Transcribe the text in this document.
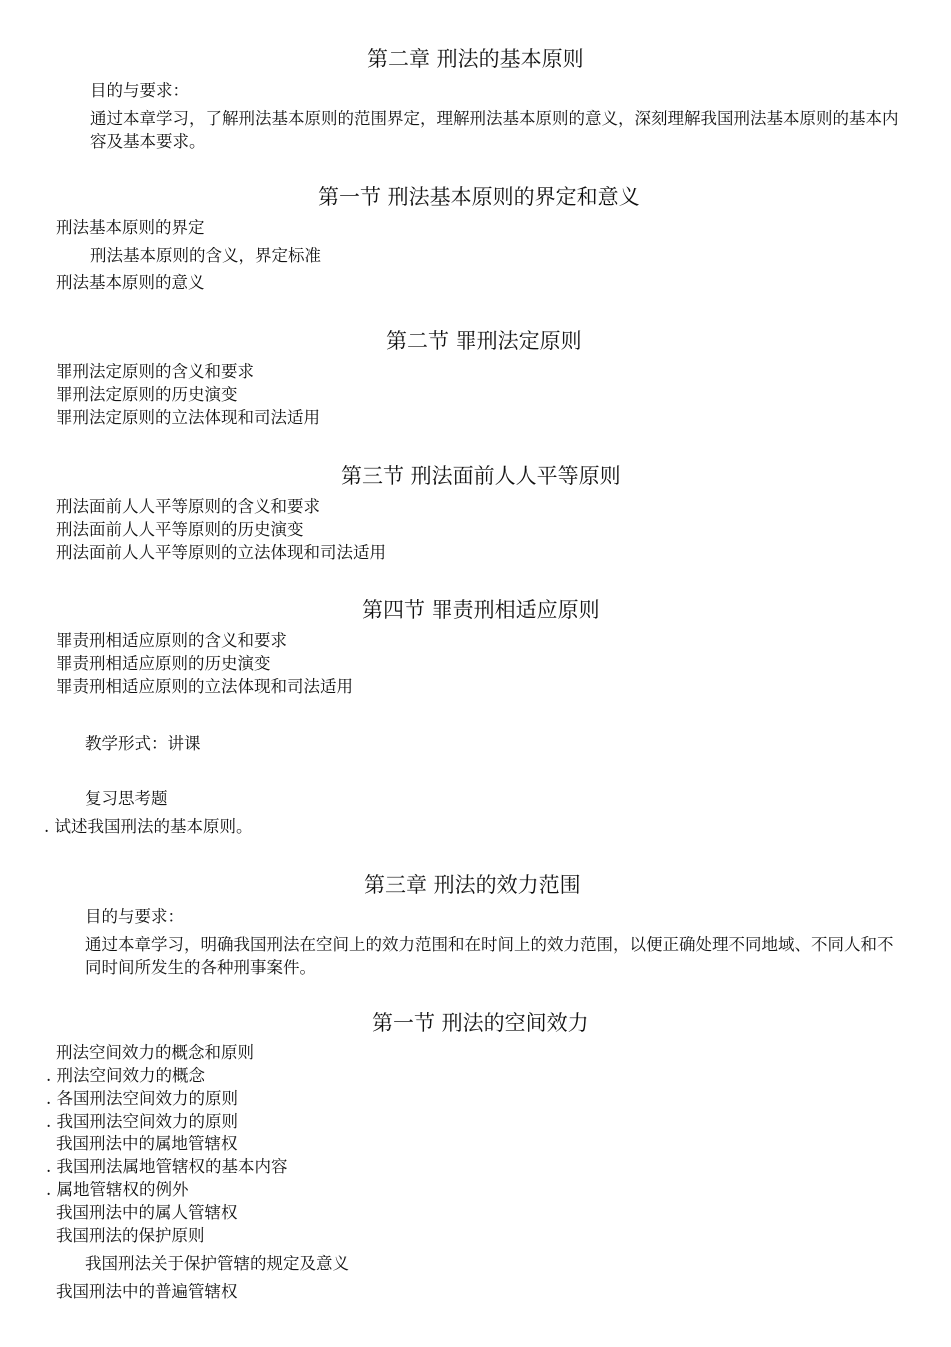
第二章 刑法的基本原则
目的与要求：
通过本章学习，了解刑法基本原则的范围界定，理解刑法基本原则的意义，深刻理解我国刑法基本原则的基本内容及基本要求。
第一节 刑法基本原则的界定和意义
刑法基本原则的界定
刑法基本原则的含义，界定标准
刑法基本原则的意义
第二节 罪刑法定原则
罪刑法定原则的含义和要求
罪刑法定原则的历史演变
罪刑法定原则的立法体现和司法适用
第三节 刑法面前人人平等原则
刑法面前人人平等原则的含义和要求
刑法面前人人平等原则的历史演变
刑法面前人人平等原则的立法体现和司法适用
第四节 罪责刑相适应原则
罪责刑相适应原则的含义和要求
罪责刑相适应原则的历史演变
罪责刑相适应原则的立法体现和司法适用
教学形式：讲课
复习思考题
. 试述我国刑法的基本原则。
第三章 刑法的效力范围
目的与要求：
通过本章学习，明确我国刑法在空间上的效力范围和在时间上的效力范围，以便正确处理不同地域、不同人和不同时间所发生的各种刑事案件。
第一节 刑法的空间效力
刑法空间效力的概念和原则
. 刑法空间效力的概念
. 各国刑法空间效力的原则
. 我国刑法空间效力的原则
我国刑法中的属地管辖权
. 我国刑法属地管辖权的基本内容
. 属地管辖权的例外
我国刑法中的属人管辖权
我国刑法的保护原则
我国刑法关于保护管辖的规定及意义
我国刑法中的普遍管辖权
